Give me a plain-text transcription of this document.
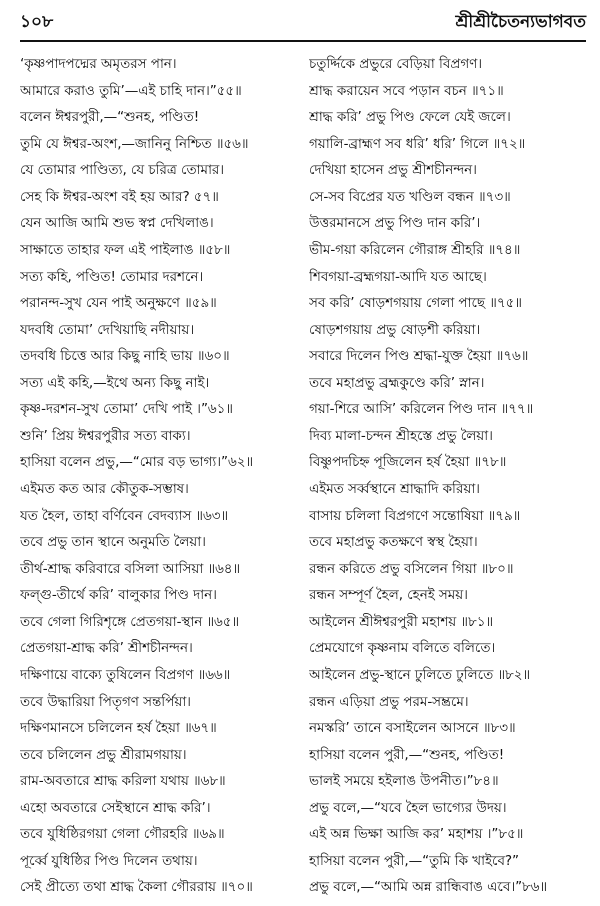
১০৮	শ্রীশ্রীচৈতন্যভাগবত
‘কৃষ্ণপাদপদ্মের অমৃতরস পান।
আমারে করাও তুমি’—এই চাহি দান।”৫৫॥
বলেন ঈশ্বরপুরী,—“শুনহ, পণ্ডিত!
তুমি যে ঈশ্বর-অংশ,—জানিনু নিশ্চিত ॥৫৬॥
যে তোমার পাণ্ডিত্য, যে চরিত্র তোমার।
সেহ কি ঈশ্বর-অংশ বই হয় আর? ৫৭॥
যেন আজি আমি শুভ স্বপ্ন দেখিলাঙ।
সাক্ষাতে তাহার ফল এই পাইলাঙ ॥৫৮॥
সত্য কহি, পণ্ডিত! তোমার দরশনে।
পরানন্দ-সুখ যেন পাই অনুক্ষণে ॥৫৯॥
যদবধি তোমা’ দেখিয়াছি নদীয়ায়।
তদবধি চিত্তে আর কিছু নাহি ভায় ॥৬০॥
সত্য এই কহি,—ইথে অন্য কিছু নাই।
কৃষ্ণ-দরশন-সুখ তোমা’ দেখি পাই ।”৬১॥
শুনি’ প্রিয় ঈশ্বরপুরীর সত্য বাক্য।
হাসিয়া বলেন প্রভু,—“মোর বড় ভাগ্য।”৬২॥
এইমত কত আর কৌতুক-সম্ভাষ।
যত হৈল, তাহা বর্ণিবেন বেদব্যাস ॥৬৩॥
তবে প্রভু তান স্থানে অনুমতি লৈয়া।
তীর্থ-শ্রাদ্ধ করিবারে বসিলা আসিয়া ॥৬৪॥
ফল্গু-তীর্থে করি’ বালুকার পিণ্ড দান।
তবে গেলা গিরিশৃঙ্গে প্রেতগয়া-স্থান ॥৬৫॥
প্রেতগয়া-শ্রাদ্ধ করি’ শ্রীশচীনন্দন।
দক্ষিণায়ে বাক্যে তুষিলেন বিপ্রগণ ॥৬৬॥
তবে উদ্ধারিয়া পিতৃগণ সন্তর্পিয়া।
দক্ষিণমানসে চলিলেন হর্ষ হৈয়া ॥৬৭॥
তবে চলিলেন প্রভু শ্রীরামগয়ায়।
রাম-অবতারে শ্রাদ্ধ করিলা যথায় ॥৬৮॥
এহো অবতারে সেইস্থানে শ্রাদ্ধ করি’।
তবে যুধিষ্ঠিরগয়া গেলা গৌরহরি ॥৬৯॥
পূর্ব্বে যুধিষ্ঠির পিণ্ড দিলেন তথায়।
সেই প্রীত্যে তথা শ্রাদ্ধ কৈলা গৌররায় ॥৭০॥
চতুর্দ্দিকে প্রভুরে বেড়িয়া বিপ্রগণ।
শ্রাদ্ধ করায়েন সবে পড়ান বচন ॥৭১॥
শ্রাদ্ধ করি’ প্রভু পিণ্ড ফেলে যেই জলে।
গয়ালি-ব্রাহ্মণ সব ধরি’ ধরি’ গিলে ॥৭২॥
দেখিয়া হাসেন প্রভু শ্রীশচীনন্দন।
সে-সব বিপ্রের যত খণ্ডিল বন্ধন ॥৭৩॥
উত্তরমানসে প্রভু পিণ্ড দান করি’।
ভীম-গয়া করিলেন গৌরাঙ্গ শ্রীহরি ॥৭৪॥
শিবগয়া-ব্রহ্মগয়া-আদি যত আছে।
সব করি’ ষোড়শগয়ায় গেলা পাছে ॥৭৫॥
ষোড়শগয়ায় প্রভু ষোড়শী করিয়া।
সবারে দিলেন পিণ্ড শ্রদ্ধা-যুক্ত হৈয়া ॥৭৬॥
তবে মহাপ্রভু ব্রহ্মকুণ্ডে করি’ স্নান।
গয়া-শিরে আসি’ করিলেন পিণ্ড দান ॥৭৭॥
দিব্য মালা-চন্দন শ্রীহস্তে প্রভু লৈয়া।
বিষ্ণুপদচিহ্ন পূজিলেন হর্ষ হৈয়া ॥৭৮॥
এইমত সর্ব্বস্থানে শ্রাদ্ধাদি করিয়া।
বাসায় চলিলা বিপ্রগণে সন্তোষিয়া ॥৭৯॥
তবে মহাপ্রভু কতক্ষণে স্বস্থ হৈয়া।
রন্ধন করিতে প্রভু বসিলেন গিয়া ॥৮০॥
রন্ধন সম্পূর্ণ হৈল, হেনই সময়।
আইলেন শ্রীঈশ্বরপুরী মহাশয় ॥৮১॥
প্রেমযোগে কৃষ্ণনাম বলিতে বলিতে।
আইলেন প্রভু-স্থানে ঢুলিতে ঢুলিতে ॥৮২॥
রন্ধন এড়িয়া প্রভু পরম-সম্ভ্রমে।
নমস্করি’ তানে বসাইলেন আসনে ॥৮৩॥
হাসিয়া বলেন পুরী,—“শুনহ, পণ্ডিত!
ভালই সময়ে হইলাঙ উপনীত।”৮৪॥
প্রভু বলে,—“যবে হৈল ভাগ্যের উদয়।
এই অন্ন ভিক্ষা আজি কর’ মহাশয় ।”৮৫॥
হাসিয়া বলেন পুরী,—“তুমি কি খাইবে?”
প্রভু বলে,—“আমি অন্ন রান্ধিবাঙ এবে।”৮৬॥
